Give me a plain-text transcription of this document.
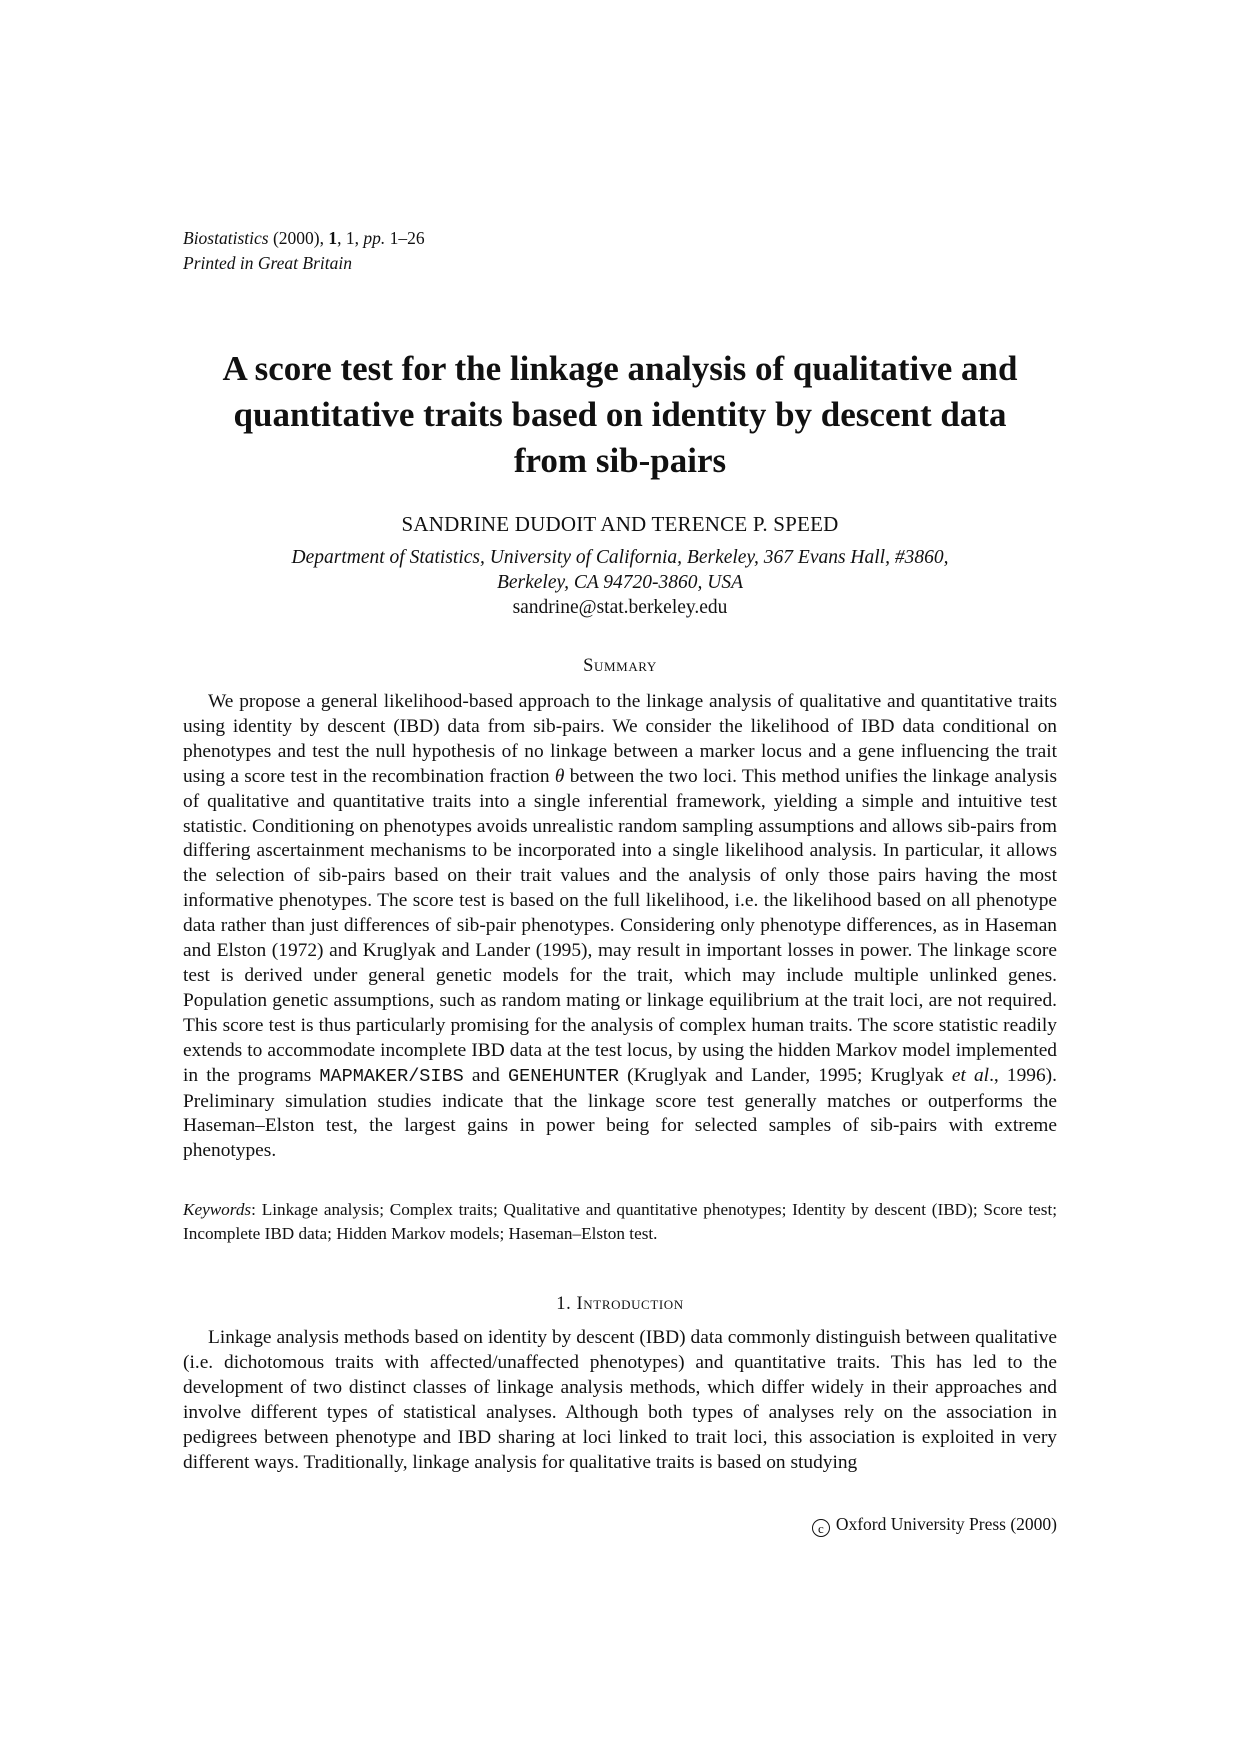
Biostatistics (2000), 1, 1, pp. 1–26
Printed in Great Britain
A score test for the linkage analysis of qualitative and
quantitative traits based on identity by descent data
from sib-pairs
SANDRINE DUDOIT AND TERENCE P. SPEED
Department of Statistics, University of California, Berkeley, 367 Evans Hall, #3860,
Berkeley, CA 94720-3860, USA
sandrine@stat.berkeley.edu
Summary

We propose a general likelihood-based approach to the linkage analysis of qualitative and quantitative traits using identity by descent (IBD) data from sib-pairs. We consider the likelihood of IBD data conditional on phenotypes and test the null hypothesis of no linkage between a marker locus and a gene influencing the trait using a score test in the recombination fraction θ between the two loci. This method unifies the linkage analysis of qualitative and quantitative traits into a single inferential framework, yielding a simple and intuitive test statistic. Conditioning on phenotypes avoids unrealistic random sampling assumptions and allows sib-pairs from differing ascertainment mechanisms to be incorporated into a single likelihood analysis. In particular, it allows the selection of sib-pairs based on their trait values and the analysis of only those pairs having the most informative phenotypes. The score test is based on the full likelihood, i.e. the likelihood based on all phenotype data rather than just differences of sib-pair phenotypes. Considering only phenotype differences, as in Haseman and Elston (1972) and Kruglyak and Lander (1995), may result in important losses in power. The linkage score test is derived under general genetic models for the trait, which may include multiple unlinked genes. Population genetic assumptions, such as random mating or linkage equilibrium at the trait loci, are not required. This score test is thus particularly promising for the analysis of complex human traits. The score statistic readily extends to accommodate incomplete IBD data at the test locus, by using the hidden Markov model implemented in the programs MAPMAKER/SIBS and GENEHUNTER (Kruglyak and Lander, 1995; Kruglyak et al., 1996). Preliminary simulation studies indicate that the linkage score test generally matches or outperforms the Haseman–Elston test, the largest gains in power being for selected samples of sib-pairs with extreme phenotypes.

Keywords: Linkage analysis; Complex traits; Qualitative and quantitative phenotypes; Identity by descent (IBD); Score test; Incomplete IBD data; Hidden Markov models; Haseman–Elston test.
1. Introduction

Linkage analysis methods based on identity by descent (IBD) data commonly distinguish between qualitative (i.e. dichotomous traits with affected/unaffected phenotypes) and quantitative traits. This has led to the development of two distinct classes of linkage analysis methods, which differ widely in their approaches and involve different types of statistical analyses. Although both types of analyses rely on the association in pedigrees between phenotype and IBD sharing at loci linked to trait loci, this association is exploited in very different ways. Traditionally, linkage analysis for qualitative traits is based on studying

c Oxford University Press (2000)
